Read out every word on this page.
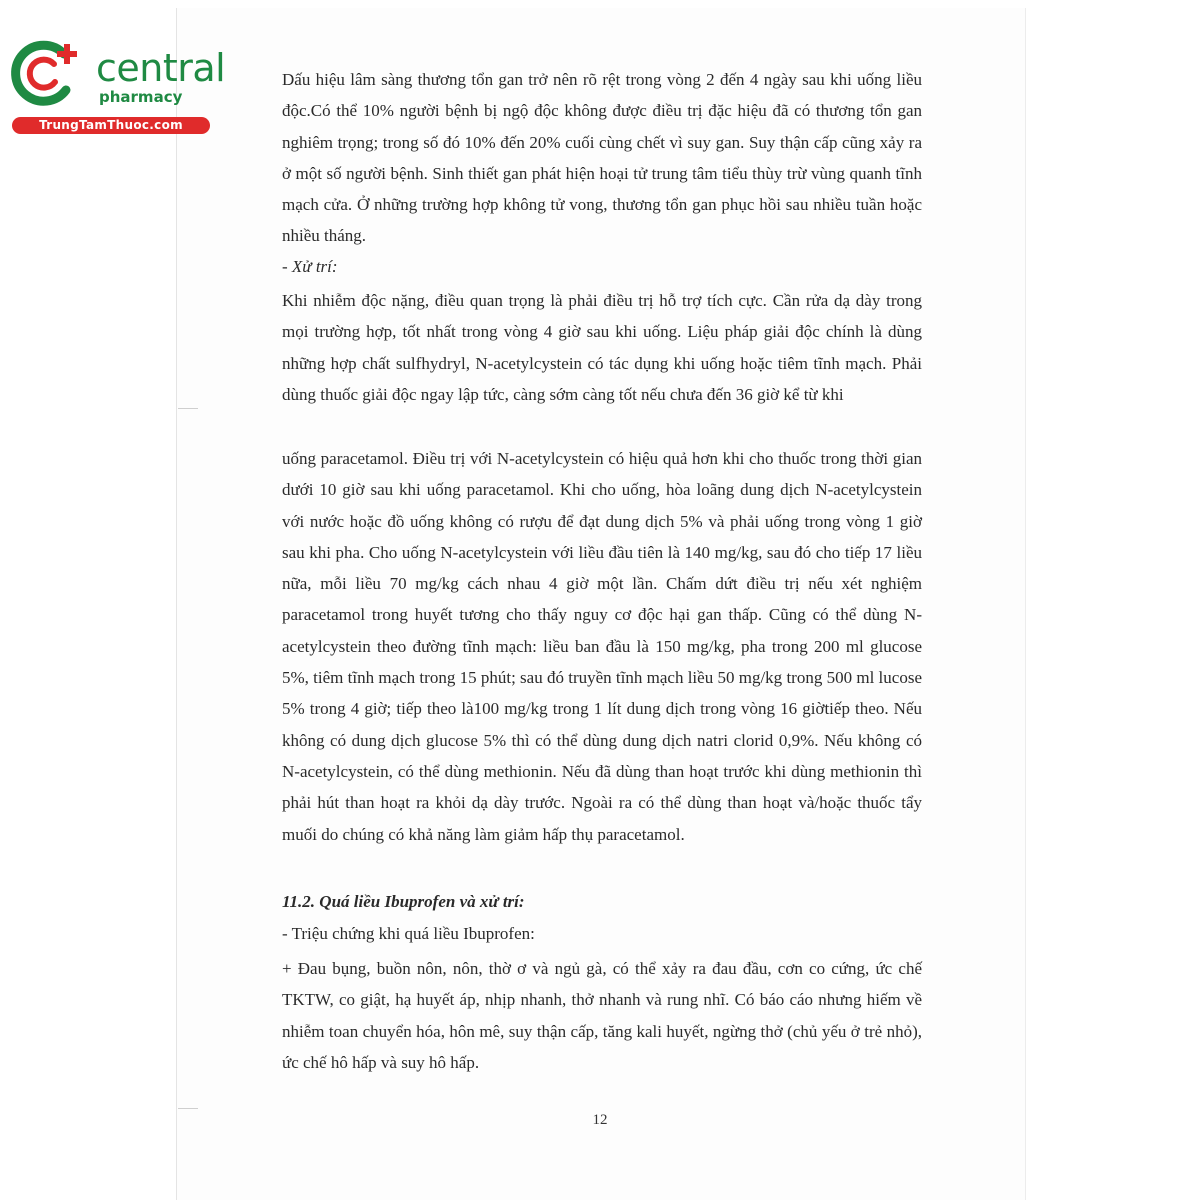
central
pharmacy
TrungTamThuoc.com

Dấu hiệu lâm sàng thương tổn gan trở nên rõ rệt trong vòng 2 đến 4 ngày sau khi uống liều độc.Có thể 10% người bệnh bị ngộ độc không được điều trị đặc hiệu đã có thương tổn gan nghiêm trọng; trong số đó 10% đến 20% cuối cùng chết vì suy gan. Suy thận cấp cũng xảy ra ở một số người bệnh. Sinh thiết gan phát hiện hoại tử trung tâm tiểu thùy trừ vùng quanh tĩnh mạch cửa. Ở những trường hợp không tử vong, thương tổn gan phục hồi sau nhiều tuần hoặc nhiều tháng.

- Xử trí:

Khi nhiễm độc nặng, điều quan trọng là phải điều trị hỗ trợ tích cực. Cần rửa dạ dày trong mọi trường hợp, tốt nhất trong vòng 4 giờ sau khi uống. Liệu pháp giải độc chính là dùng những hợp chất sulfhydryl, N-acetylcystein có tác dụng khi uống hoặc tiêm tĩnh mạch. Phải dùng thuốc giải độc ngay lập tức, càng sớm càng tốt nếu chưa đến 36 giờ kể từ khi

uống paracetamol. Điều trị với N-acetylcystein có hiệu quả hơn khi cho thuốc trong thời gian dưới 10 giờ sau khi uống paracetamol. Khi cho uống, hòa loãng dung dịch N-acetylcystein với nước hoặc đồ uống không có rượu để đạt dung dịch 5% và phải uống trong vòng 1 giờ sau khi pha. Cho uống N-acetylcystein với liều đầu tiên là 140 mg/kg, sau đó cho tiếp 17 liều nữa, mỗi liều 70 mg/kg cách nhau 4 giờ một lần. Chấm dứt điều trị nếu xét nghiệm paracetamol trong huyết tương cho thấy nguy cơ độc hại gan thấp. Cũng có thể dùng N-acetylcystein theo đường tĩnh mạch: liều ban đầu là 150 mg/kg, pha trong 200 ml glucose 5%, tiêm tĩnh mạch trong 15 phút; sau đó truyền tĩnh mạch liều 50 mg/kg trong 500 ml lucose 5% trong 4 giờ; tiếp theo là100 mg/kg trong 1 lít dung dịch trong vòng 16 giờtiếp theo. Nếu không có dung dịch glucose 5% thì có thể dùng dung dịch natri clorid 0,9%. Nếu không có N-acetylcystein, có thể dùng methionin. Nếu đã dùng than hoạt trước khi dùng methionin thì phải hút than hoạt ra khỏi dạ dày trước. Ngoài ra có thể dùng than hoạt và/hoặc thuốc tẩy muối do chúng có khả năng làm giảm hấp thụ paracetamol.

11.2. Quá liều Ibuprofen và xử trí:

- Triệu chứng khi quá liều Ibuprofen:

+ Đau bụng, buồn nôn, nôn, thờ ơ và ngủ gà, có thể xảy ra đau đầu, cơn co cứng, ức chế TKTW, co giật, hạ huyết áp, nhịp nhanh, thở nhanh và rung nhĩ. Có báo cáo nhưng hiếm về nhiễm toan chuyển hóa, hôn mê, suy thận cấp, tăng kali huyết, ngừng thở (chủ yếu ở trẻ nhỏ), ức chế hô hấp và suy hô hấp.

12
